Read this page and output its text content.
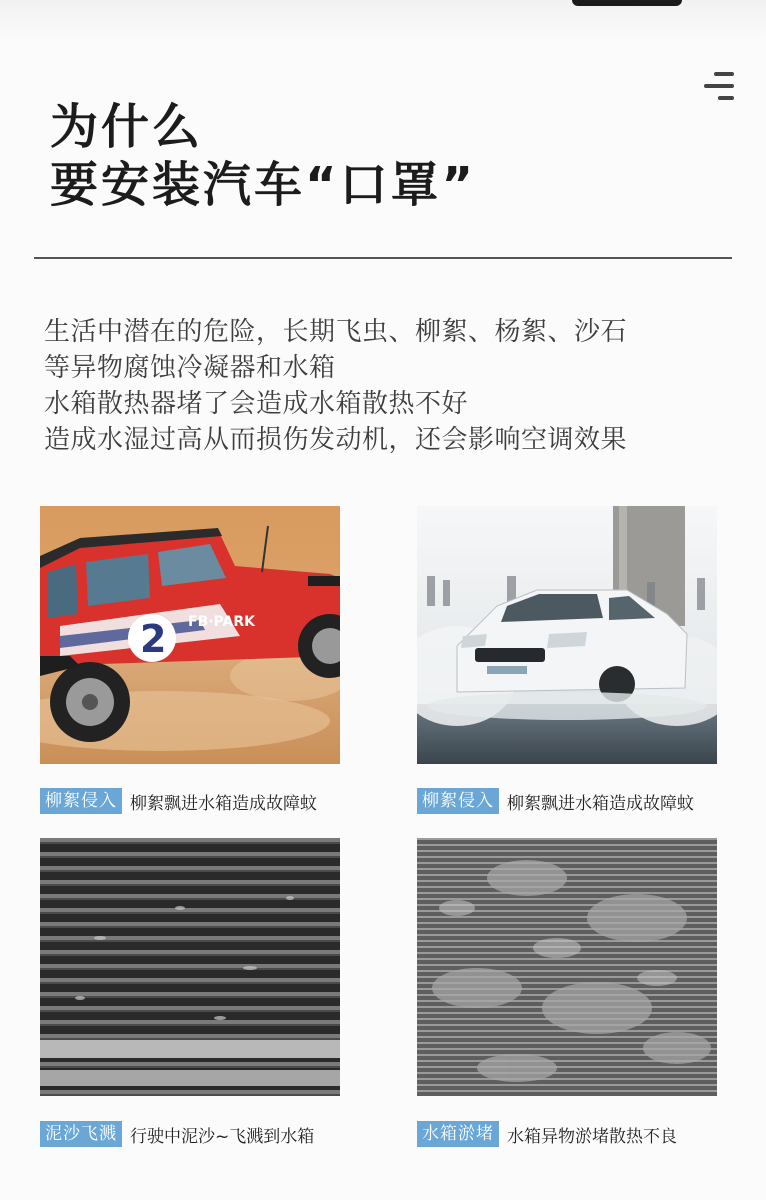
为什么
要安装汽车“口罩”
生活中潜在的危险，长期飞虫、柳絮、杨絮、沙石
等异物腐蚀冷凝器和水箱
水箱散热器堵了会造成水箱散热不好
造成水湿过高从而损伤发动机，还会影响空调效果
2 FB·PARK
柳絮侵入 柳絮飘进水箱造成故障蚊	柳絮侵入 柳絮飘进水箱造成故障蚊
泥沙飞溅 行驶中泥沙~飞溅到水箱	水箱淤堵 水箱异物淤堵散热不良
